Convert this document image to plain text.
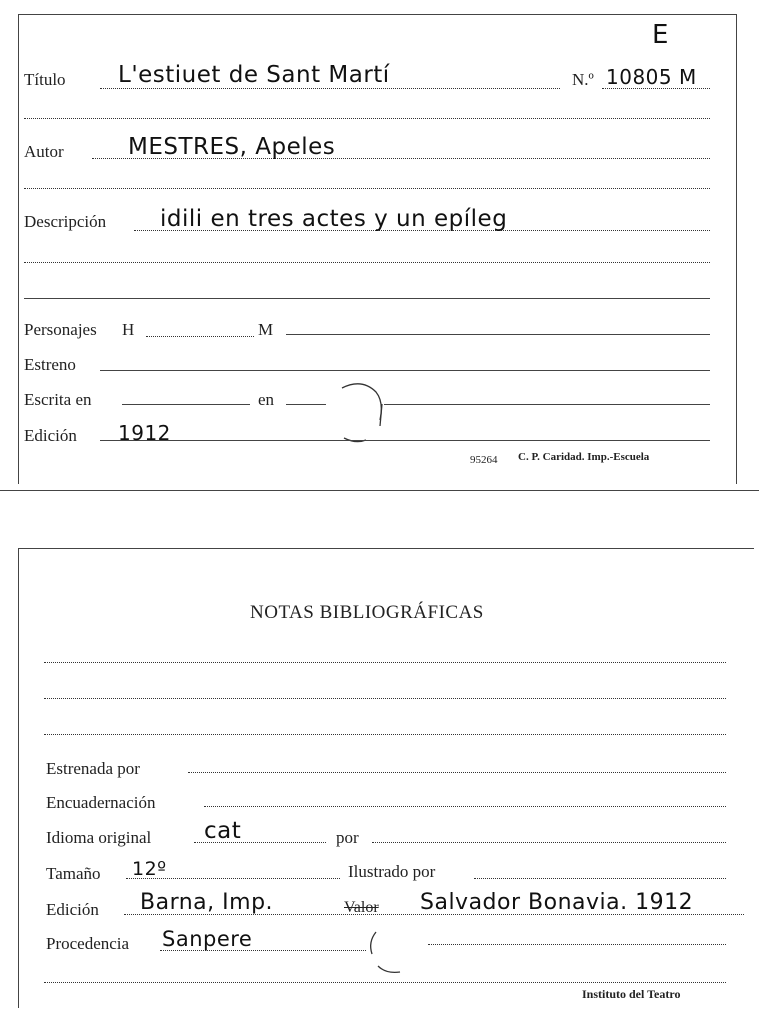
E
Título L'estiuet de Sant Martí	N.º 10805 M
Autor	MESTRES, Apeles
Descripción idili en tres actes y un epíleg
Personajes H	M
Estreno
Escrita en	en
Edición 1912
95264 C. P. Caridad. Imp.-Escuela
NOTAS BIBLIOGRÁFICAS
Estrenada por
Encuadernación
Idioma original cat	por
Tamaño 12º	Ilustrado por
Edición Barna, Imp.	Valor Salvador Bonavia. 1912
Procedencia Sanpere
Instituto del Teatro
